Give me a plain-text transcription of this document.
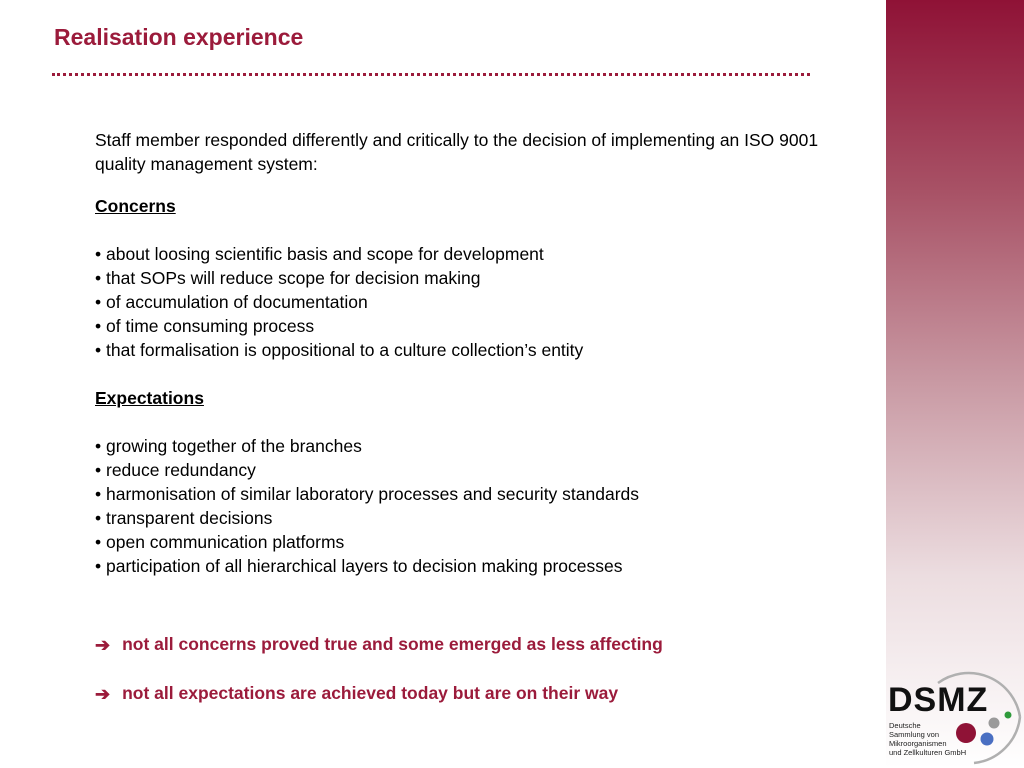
Realisation experience

Staff member responded differently and critically to the decision of implementing an ISO 9001 quality management system:

Concerns

• about loosing scientific basis and scope for development
• that SOPs will reduce scope for decision making
• of accumulation of documentation
• of time consuming process
• that formalisation is oppositional to a culture collection’s entity

Expectations

• growing together of the branches
• reduce redundancy
• harmonisation of similar laboratory processes and security standards
• transparent decisions
• open communication platforms
• participation of all hierarchical layers to decision making processes
➔ not all concerns proved true and some emerged as less affecting
➔ not all expectations are achieved today but are on their way	DSMZ
Deutsche
Sammlung von
Mikroorganismen
und Zellkulturen GmbH
